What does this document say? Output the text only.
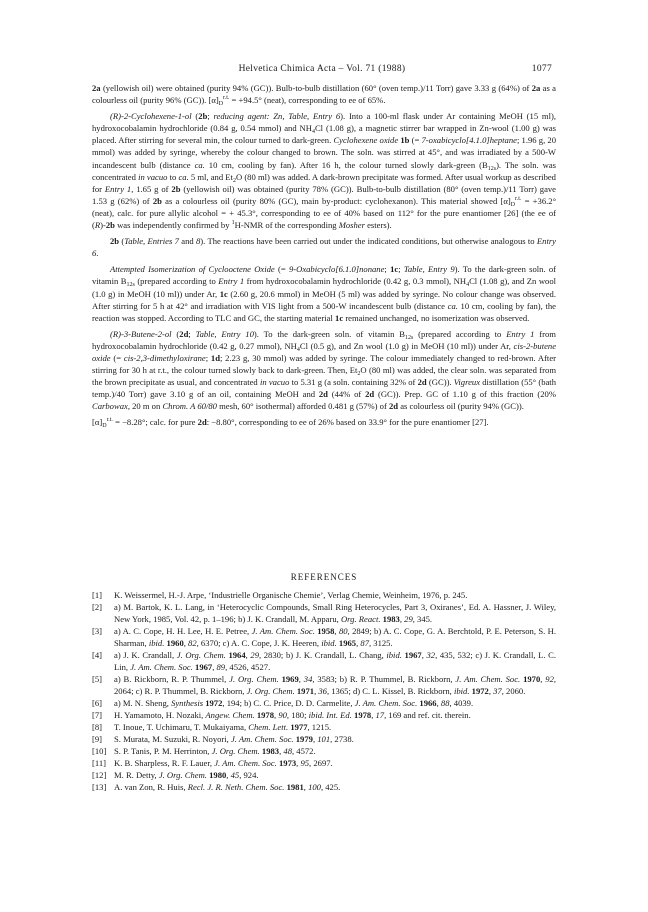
Helvetica Chimica Acta – Vol. 71 (1988)	1077

2a (yellowish oil) were obtained (purity 94% (GC)). Bulb-to-bulb distillation (60° (oven temp.)/11 Torr) gave 3.33 g (64%) of 2a as a colourless oil (purity 96% (GC)). $[\alpha]_D^{r.t.} = +94.5^\circ$ (neat), corresponding to ee of 65%.

(R)-2-Cyclohexene-1-ol (2b; reducing agent: Zn, Table, Entry 6). Into a 100-ml flask under Ar containing MeOH (15 ml), hydroxocobalamin hydrochloride (0.84 g, 0.54 mmol) and $NH_4Cl$ (1.08 g), a magnetic stirrer bar wrapped in Zn-wool (1.00 g) was placed. After stirring for several min, the colour turned to dark-green. Cyclohexene oxide 1b (= 7-oxabicyclo[4.1.0]heptane; 1.96 g, 20 mmol) was added by syringe, whereby the colour changed to brown. The soln. was stirred at 45°, and was irradiated by a 500-W incandescent bulb (distance ca. 10 cm, cooling by fan). After 16 h, the colour turned slowly dark-green $(B_{12s})$. The soln. was concentrated in vacuo to ca. 5 ml, and $Et_2O$ (80 ml) was added. A dark-brown precipitate was formed. After usual workup as described for Entry 1, 1.65 g of 2b (yellowish oil) was obtained (purity 78% (GC)). Bulb-to-bulb distillation (80° (oven temp.)/11 Torr) gave 1.53 g (62%) of 2b as a colourless oil (purity 80% (GC), main by-product: cyclohexanon). This material showed $[\alpha]_D^{r.t.} = +36.2^\circ$ (neat), calc. for pure allylic alcohol = + 45.3°, corresponding to ee of 40% based on 112° for the pure enantiomer [26] (the ee of (R)-2b was independently confirmed by $^1$H-NMR of the corresponding Mosher esters).

2b (Table, Entries 7 and 8). The reactions have been carried out under the indicated conditions, but otherwise analogous to Entry 6.

Attempted Isomerization of Cyclooctene Oxide (= 9-Oxabicyclo[6.1.0]nonane; 1c; Table, Entry 9). To the dark-green soln. of vitamin $B_{12s}$ (prepared according to Entry 1 from hydroxocobalamin hydrochloride (0.42 g, 0.3 mmol), $NH_4Cl$ (1.08 g), and Zn wool (1.0 g) in MeOH (10 ml)) under Ar, 1c (2.60 g, 20.6 mmol) in MeOH (5 ml) was added by syringe. No colour change was observed. After stirring for 5 h at 42° and irradiation with VIS light from a 500-W incandescent bulb (distance ca. 10 cm, cooling by fan), the reaction was stopped. According to TLC and GC, the starting material 1c remained unchanged, no isomerization was observed.

(R)-3-Butene-2-ol (2d; Table, Entry 10). To the dark-green soln. of vitamin $B_{12s}$ (prepared according to Entry 1 from hydroxocobalamin hydrochloride (0.42 g, 0.27 mmol), $NH_4Cl$ (0.5 g), and Zn wool (1.0 g) in MeOH (10 ml)) under Ar, cis-2-butene oxide (= cis-2,3-dimethyloxirane; 1d; 2.23 g, 30 mmol) was added by syringe. The colour immediately changed to red-brown. After stirring for 30 h at r.t., the colour turned slowly back to dark-green. Then, $Et_2O$ (80 ml) was added, the clear soln. was separated from the brown precipitate as usual, and concentrated in vacuo to 5.31 g (a soln. containing 32% of 2d (GC)). Vigreux distillation (55° (bath temp.)/40 Torr) gave 3.10 g of an oil, containing MeOH and 2d (44% of 2d (GC)). Prep. GC of 1.10 g of this fraction (20% Carbowax, 20 m on Chrom. A 60/80 mesh, 60° isothermal) afforded 0.481 g (57%) of 2d as colourless oil (purity 94% (GC)).

$[\alpha]_D^{r.t.} = -8.28^\circ$; calc. for pure 2d: −8.80°, corresponding to ee of 26% based on 33.9° for the pure enantiomer [27].

REFERENCES
[1]	K. Weissermel, H.-J. Arpe, ‘Industrielle Organische Chemie’, Verlag Chemie, Weinheim, 1976, p. 245.
[2]	a) M. Bartok, K. L. Lang, in ‘Heterocyclic Compounds, Small Ring Heterocycles, Part 3, Oxiranes’, Ed. A. Hassner, J. Wiley, New York, 1985, Vol. 42, p. 1–196; b) J. K. Crandall, M. Apparu, Org. React. 1983, 29, 345.
[3]	a) A. C. Cope, H. H. Lee, H. E. Petree, J. Am. Chem. Soc. 1958, 80, 2849; b) A. C. Cope, G. A. Berchtold, P. E. Peterson, S. H. Sharman, ibid. 1960, 82, 6370; c) A. C. Cope, J. K. Heeren, ibid. 1965, 87, 3125.
[4]	a) J. K. Crandall, J. Org. Chem. 1964, 29, 2830; b) J. K. Crandall, L. Chang, ibid. 1967, 32, 435, 532; c) J. K. Crandall, L. C. Lin, J. Am. Chem. Soc. 1967, 89, 4526, 4527.
[5]	a) B. Rickborn, R. P. Thummel, J. Org. Chem. 1969, 34, 3583; b) R. P. Thummel, B. Rickborn, J. Am. Chem. Soc. 1970, 92, 2064; c) R. P. Thummel, B. Rickborn, J. Org. Chem. 1971, 36, 1365; d) C. L. Kissel, B. Rickborn, ibid. 1972, 37, 2060.
[6]	a) M. N. Sheng, Synthesis 1972, 194; b) C. C. Price, D. D. Carmelite, J. Am. Chem. Soc. 1966, 88, 4039.
[7]	H. Yamamoto, H. Nozaki, Angew. Chem. 1978, 90, 180; ibid. Int. Ed. 1978, 17, 169 and ref. cit. therein.
[8]	T. Inoue, T. Uchimaru, T. Mukaiyama, Chem. Lett. 1977, 1215.
[9]	S. Murata, M. Suzuki, R. Noyori, J. Am. Chem. Soc. 1979, 101, 2738.
[10] S. P. Tanis, P. M. Herrinton, J. Org. Chem. 1983, 48, 4572.
[11] K. B. Sharpless, R. F. Lauer, J. Am. Chem. Soc. 1973, 95, 2697.
[12] M. R. Detty, J. Org. Chem. 1980, 45, 924.
[13] A. van Zon, R. Huis, Recl. J. R. Neth. Chem. Soc. 1981, 100, 425.
